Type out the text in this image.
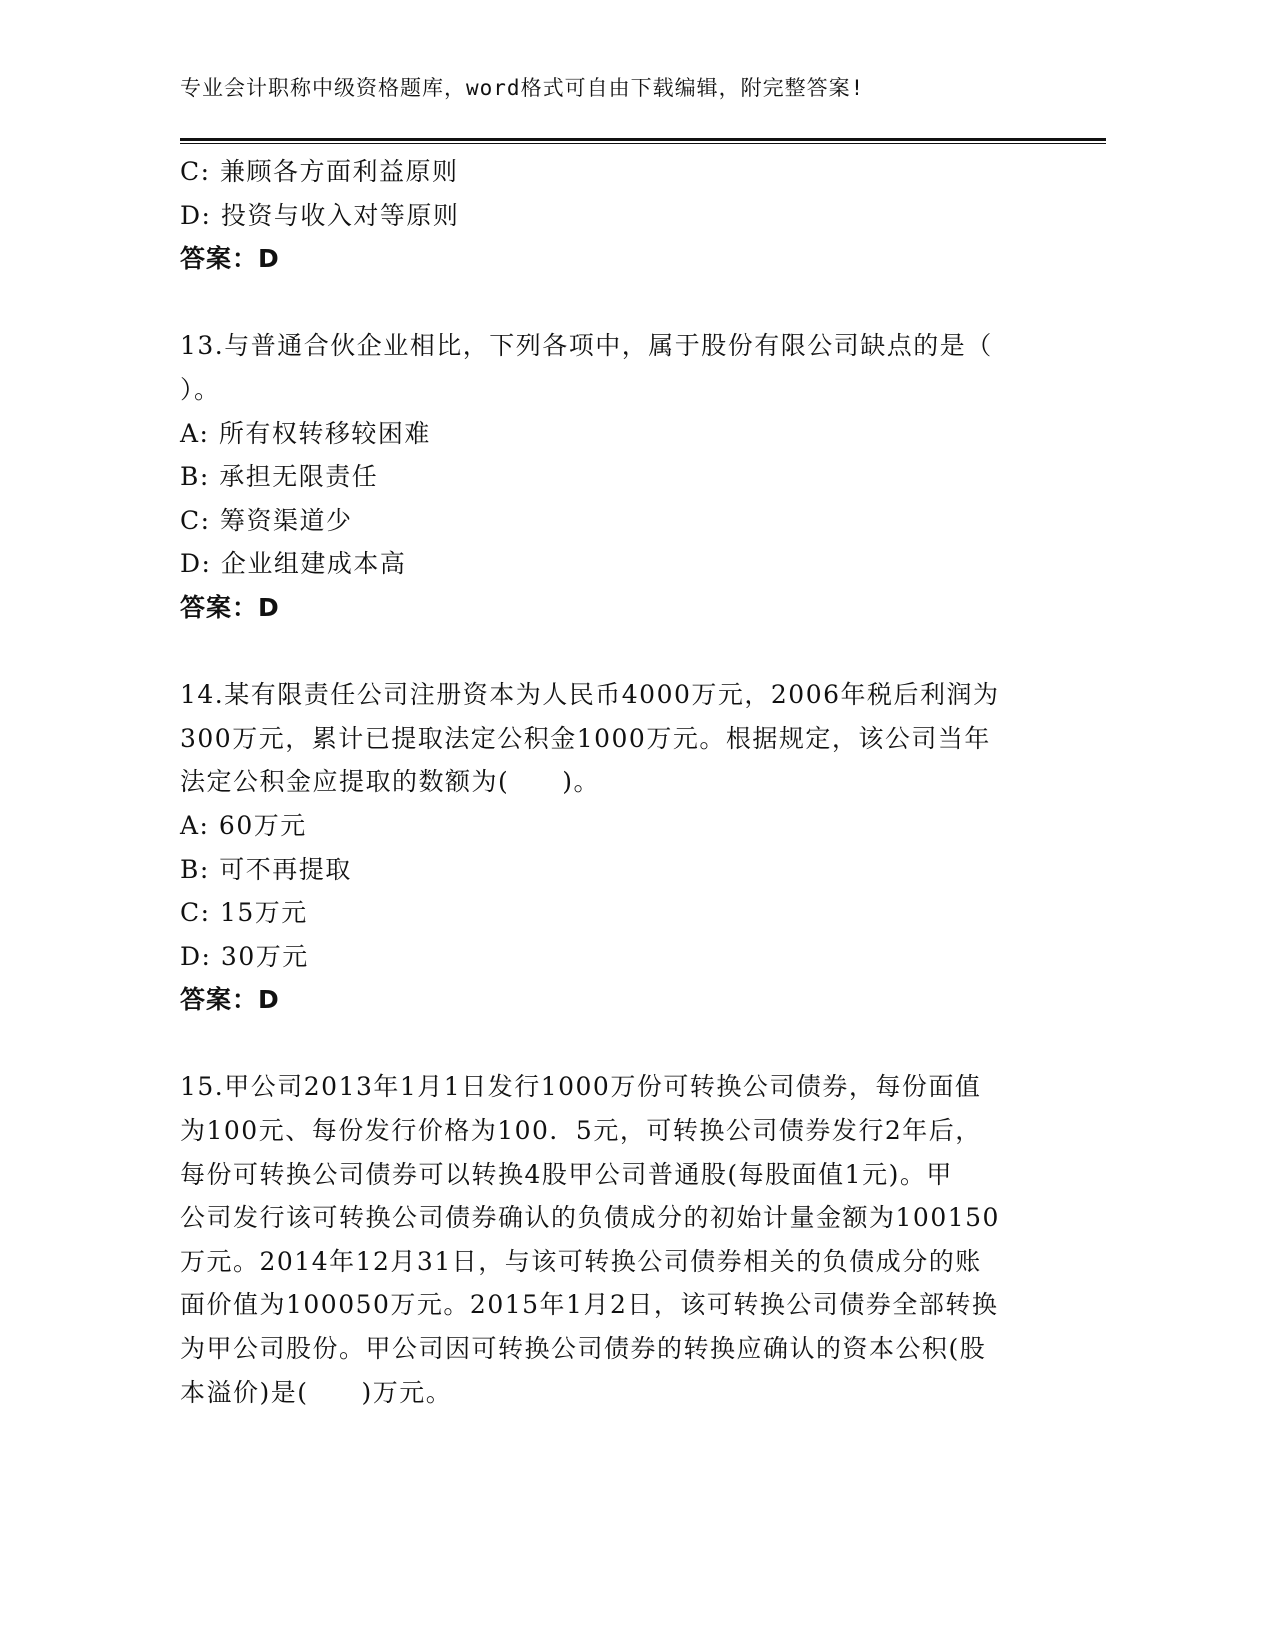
专业会计职称中级资格题库，word格式可自由下载编辑，附完整答案!
C: 兼顾各方面利益原则
D: 投资与收入对等原则
答案：D
13.与普通合伙企业相比，下列各项中，属于股份有限公司缺点的是（
）。
A: 所有权转移较困难
B: 承担无限责任
C: 筹资渠道少
D: 企业组建成本高
答案：D
14.某有限责任公司注册资本为人民币4000万元，2006年税后利润为
300万元，累计已提取法定公积金1000万元。根据规定，该公司当年
法定公积金应提取的数额为(　　)。
A: 60万元
B: 可不再提取
C: 15万元
D: 30万元
答案：D
15.甲公司2013年1月1日发行1000万份可转换公司债券，每份面值
为100元、每份发行价格为100．5元，可转换公司债券发行2年后，
每份可转换公司债券可以转换4股甲公司普通股(每股面值1元)。甲
公司发行该可转换公司债券确认的负债成分的初始计量金额为100150
万元。2014年12月31日，与该可转换公司债券相关的负债成分的账
面价值为100050万元。2015年1月2日，该可转换公司债券全部转换
为甲公司股份。甲公司因可转换公司债券的转换应确认的资本公积(股
本溢价)是(　　)万元。
